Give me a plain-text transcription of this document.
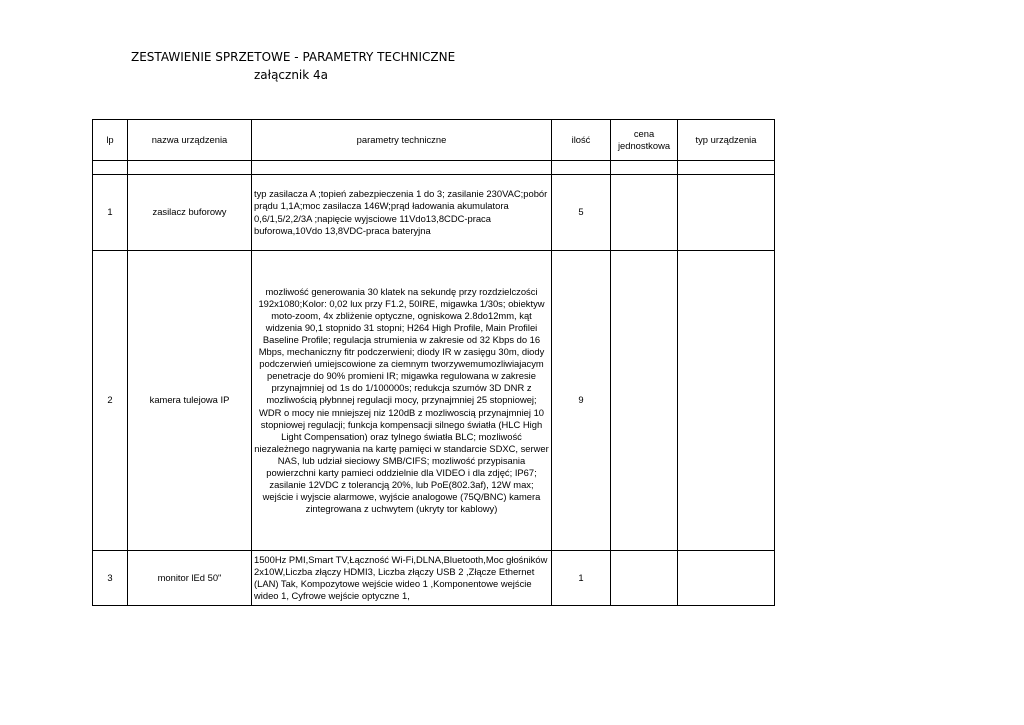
ZESTAWIENIE SPRZETOWE - PARAMETRY TECHNICZNE
załącznik 4a
lp	nazwa urządzenia	parametry techniczne	ilość	cena jednostkowa	typ urządzenia

1	zasilacz buforowy	typ zasilacza A ;topień zabezpieczenia 1 do 3; zasilanie 230VAC;pobór prądu 1,1A;moc zasilacza 146W;prąd ładowania akumulatora 0,6/1,5/2,2/3A ;napięcie wyjsciowe 11Vdo13,8CDC-praca buforowa,10Vdo 13,8VDC-praca bateryjna	5		
2	kamera tulejowa IP	mozliwość generowania 30 klatek na sekundę przy rozdzielczości 192x1080;Kolor: 0,02 lux przy F1.2, 50IRE, migawka 1/30s; obiektyw moto-zoom, 4x zbliżenie optyczne, ogniskowa 2.8do12mm, kąt widzenia 90,1 stopnido 31 stopni; H264 High Profile, Main Profilei Baseline Profile; regulacja strumienia w zakresie od 32 Kbps do 16 Mbps, mechaniczny fitr podczerwieni; diody IR w zasięgu 30m, diody podczerwień umiejscowione za ciemnym tworzywemumozliwiajacym penetracje do 90% promieni IR; migawka regulowana w zakresie przynajmniej od 1s do 1/100000s; redukcja szumów 3D DNR z mozliwością płybnnej regulacji mocy, przynajmniej 25 stopniowej; WDR o mocy nie mniejszej niz 120dB z mozliwoscią przynajmniej 10 stopniowej regulacji; funkcja kompensacji silnego światła (HLC High Light Compensation) oraz tylnego światła BLC; mozliwość niezależnego nagrywania na kartę pamięci w standarcie SDXC, serwer NAS, lub udział sieciowy SMB/CIFS; mozliwość przypisania powierzchni karty pamieci oddzielnie dla VIDEO i dla zdjęć; IP67; zasilanie 12VDC z tolerancją 20%, lub PoE(802.3af), 12W max; wejście i wyjscie alarmowe, wyjście analogowe (75Q/BNC) kamera zintegrowana z uchwytem (ukryty tor kablowy)	9		
3	monitor lEd 50"	1500Hz PMI,Smart TV,Łączność Wi-Fi,DLNA,Bluetooth,Moc głośników 2x10W,Liczba złączy HDMI3, Liczba złączy USB 2 ,Złącze Ethernet (LAN) Tak, Kompozytowe wejście wideo 1 ,Komponentowe wejście wideo 1, Cyfrowe wejście optyczne 1,	1		
